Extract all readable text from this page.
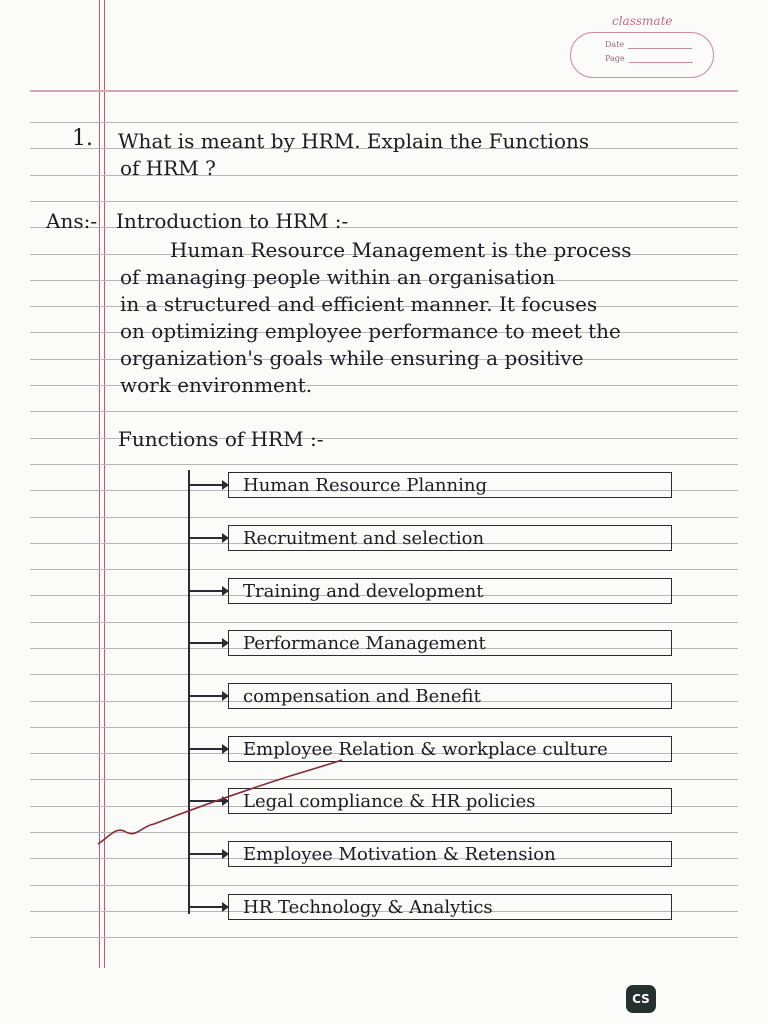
classmate
Date
Page
1. What is meant by HRM. Explain the Functions
of HRM ?
Ans:- Introduction to HRM :-
Human Resource Management is the process
of managing people within an organisation
in a structured and efficient manner. It focuses
on optimizing employee performance to meet the
organization's goals while ensuring a positive
work environment.
Functions of HRM :-
Human Resource Planning
Recruitment and selection
Training and development
Performance Management
compensation and Benefit
Employee Relation & workplace culture
Legal compliance & HR policies
Employee Motivation & Retension
HR Technology & Analytics
CS
